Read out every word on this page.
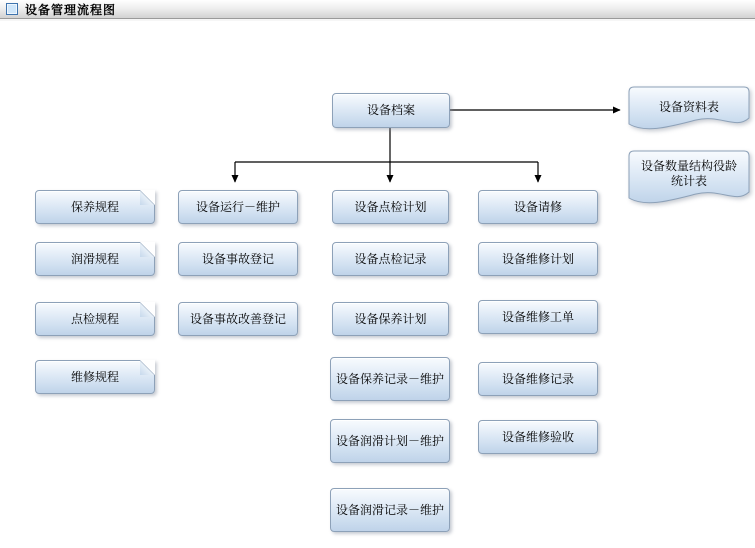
设备管理流程图
设备档案	设备资料表
设备数量结构役龄统计表
保养规程
润滑规程
点检规程
维修规程
设备运行－维护
设备事故登记
设备事故改善登记
设备点检计划
设备点检记录
设备保养计划
设备保养记录－维护
设备润滑计划－维护
设备润滑记录－维护
设备请修
设备维修计划
设备维修工单
设备维修记录
设备维修验收
